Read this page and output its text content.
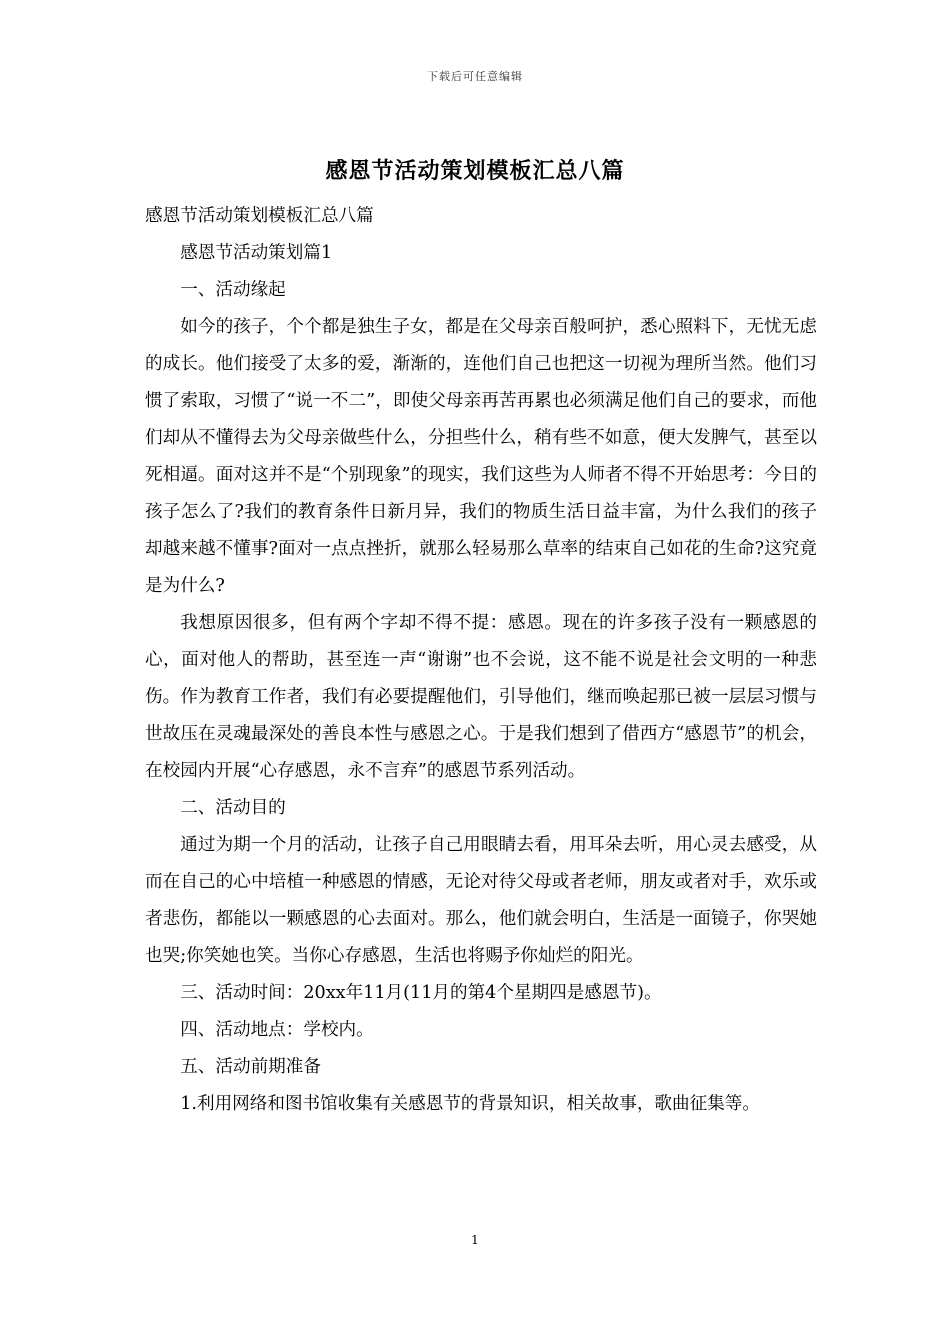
下载后可任意编辑
感恩节活动策划模板汇总八篇

感恩节活动策划模板汇总八篇

感恩节活动策划篇1

一、活动缘起

如今的孩子，个个都是独生子女，都是在父母亲百般呵护，悉心照料下，无忧无虑的成长。他们接受了太多的爱，渐渐的，连他们自己也把这一切视为理所当然。他们习惯了索取，习惯了“说一不二”，即使父母亲再苦再累也必须满足他们自己的要求，而他们却从不懂得去为父母亲做些什么，分担些什么，稍有些不如意，便大发脾气，甚至以死相逼。面对这并不是“个别现象”的现实，我们这些为人师者不得不开始思考：今日的孩子怎么了?我们的教育条件日新月异，我们的物质生活日益丰富，为什么我们的孩子却越来越不懂事?面对一点点挫折，就那么轻易那么草率的结束自己如花的生命?这究竟是为什么?

我想原因很多，但有两个字却不得不提：感恩。现在的许多孩子没有一颗感恩的心，面对他人的帮助，甚至连一声“谢谢”也不会说，这不能不说是社会文明的一种悲伤。作为教育工作者，我们有必要提醒他们，引导他们，继而唤起那已被一层层习惯与世故压在灵魂最深处的善良本性与感恩之心。于是我们想到了借西方“感恩节”的机会，在校园内开展“心存感恩，永不言弃”的感恩节系列活动。

二、活动目的

通过为期一个月的活动，让孩子自己用眼睛去看，用耳朵去听，用心灵去感受，从而在自己的心中培植一种感恩的情感，无论对待父母或者老师，朋友或者对手，欢乐或者悲伤，都能以一颗感恩的心去面对。那么，他们就会明白，生活是一面镜子，你哭她也哭;你笑她也笑。当你心存感恩，生活也将赐予你灿烂的阳光。

三、活动时间：20xx年11月(11月的第4个星期四是感恩节)。

四、活动地点：学校内。

五、活动前期准备

1.利用网络和图书馆收集有关感恩节的背景知识，相关故事，歌曲征集等。

1
